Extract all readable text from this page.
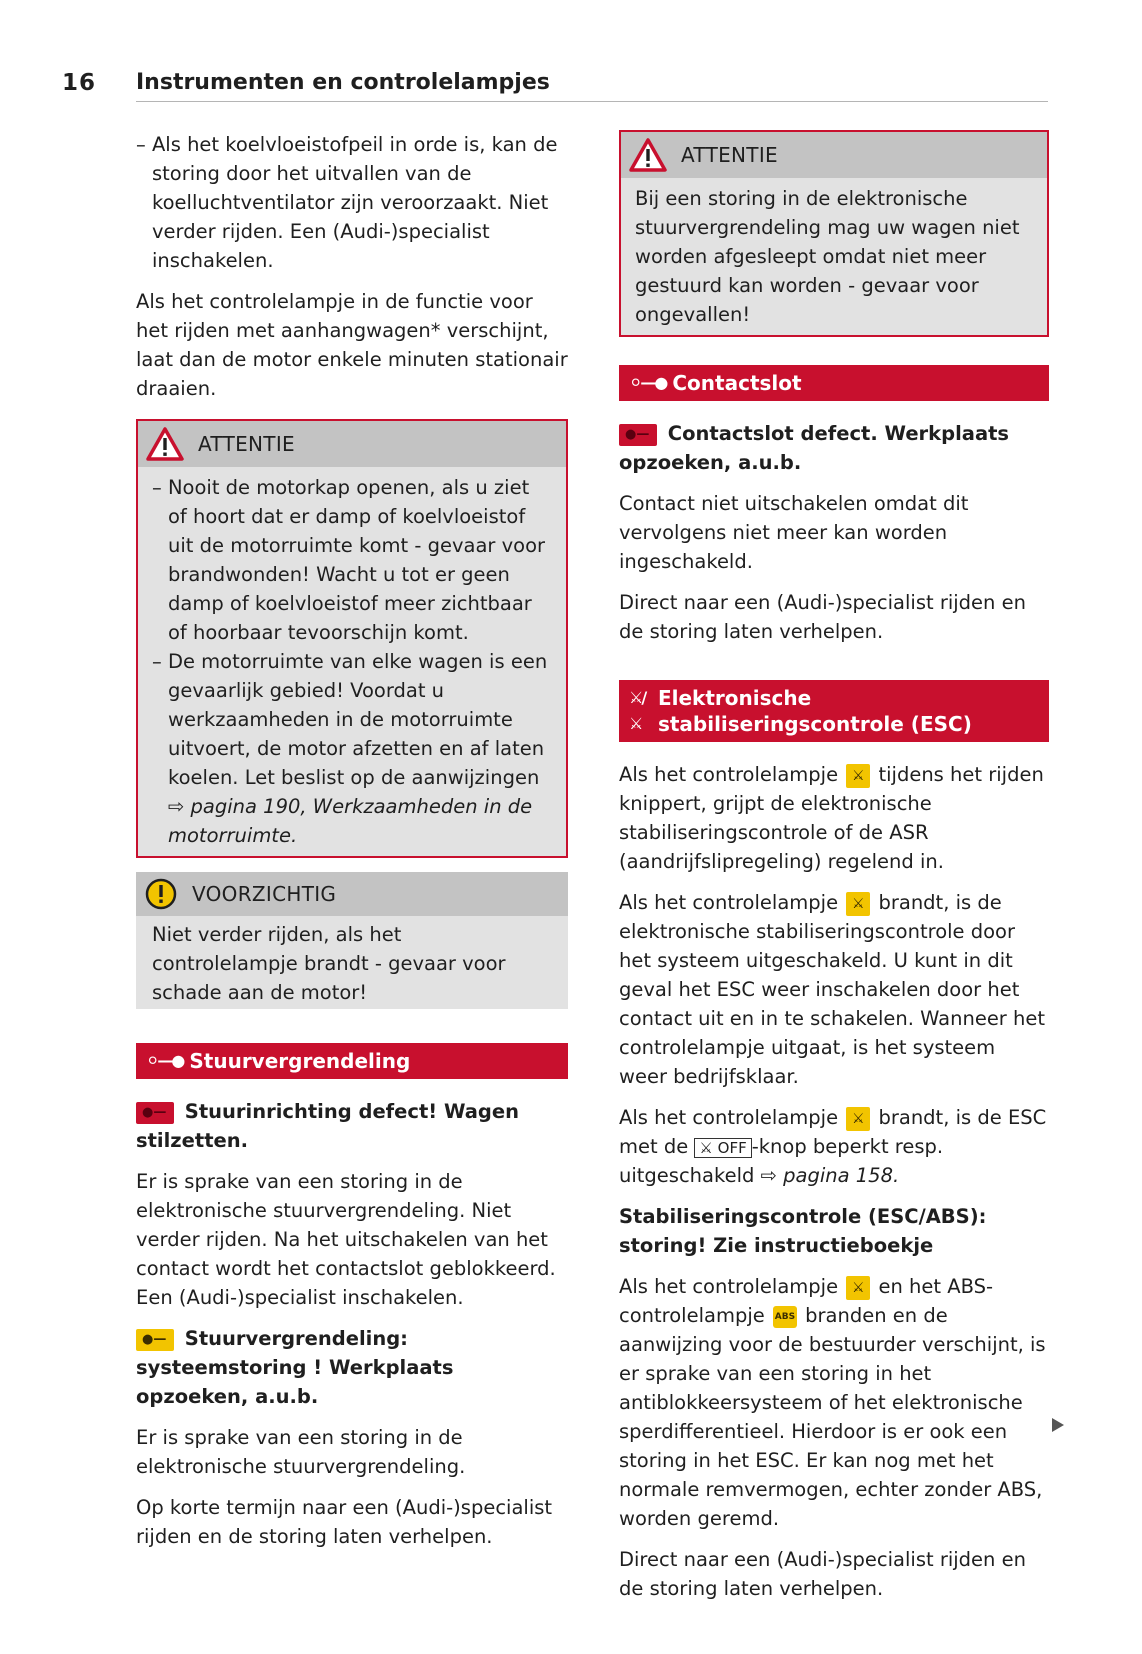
16 Instrumenten en controlelampjes

– Als het koelvloeistofpeil in orde is, kan de storing door het uitvallen van de koelluchtventilator zijn veroorzaakt. Niet verder rijden. Een (Audi-)specialist inschakelen.

Als het controlelampje in de functie voor het rijden met aanhangwagen* verschijnt, laat dan de motor enkele minuten stationair draaien.

ATTENTIE

– Nooit de motorkap openen, als u ziet of hoort dat er damp of koelvloeistof uit de motorruimte komt - gevaar voor brandwonden! Wacht u tot er geen damp of koelvloeistof meer zichtbaar of hoorbaar tevoorschijn komt.

– De motorruimte van elke wagen is een gevaarlijk gebied! Voordat u werkzaamheden in de motorruimte uitvoert, de motor afzetten en af laten koelen. Let beslist op de aanwijzingen ⇨ pagina 190, Werkzaamheden in de motorruimte.

VOORZICHTIG

Niet verder rijden, als het controlelampje brandt - gevaar voor schade aan de motor!

⚪—● Stuurvergrendeling

●— Stuurinrichting defect! Wagen stilzetten.

Er is sprake van een storing in de elektronische stuurvergrendeling. Niet verder rijden. Na het uitschakelen van het contact wordt het contactslot geblokkeerd. Een (Audi-)specialist inschakelen.

●— Stuurvergrendeling: systeemstoring ! Werkplaats opzoeken, a.u.b.

Er is sprake van een storing in de elektronische stuurvergrendeling.

Op korte termijn naar een (Audi-)specialist rijden en de storing laten verhelpen.

ATTENTIE

Bij een storing in de elektronische stuurvergrendeling mag uw wagen niet worden afgesleept omdat niet meer gestuurd kan worden - gevaar voor ongevallen!

⚪—● Contactslot

●— Contactslot defect. Werkplaats opzoeken, a.u.b.

Contact niet uitschakelen omdat dit vervolgens niet meer kan worden ingeschakeld.

Direct naar een (Audi-)specialist rijden en de storing laten verhelpen.

⚔/⚔
Elektronische stabiliseringscontrole (ESC)

Als het controlelampje ⚔ tijdens het rijden knippert, grijpt de elektronische stabiliseringscontrole of de ASR (aandrijfslipregeling) regelend in.

Als het controlelampje ⚔ brandt, is de elektronische stabiliseringscontrole door het systeem uitgeschakeld. U kunt in dit geval het ESC weer inschakelen door het contact uit en in te schakelen. Wanneer het controlelampje uitgaat, is het systeem weer bedrijfsklaar.

Als het controlelampje ⚔ brandt, is de ESC met de ⚔ OFF -knop beperkt resp. uitgeschakeld ⇨ pagina 158.

Stabiliseringscontrole (ESC/ABS): storing! Zie instructieboekje

Als het controlelampje ⚔ en het ABS-controlelampje ABS branden en de aanwijzing voor de bestuurder verschijnt, is er sprake van een storing in het antiblokkeersysteem of het elektronische sperdifferentieel. Hierdoor is er ook een storing in het ESC. Er kan nog met het normale remvermogen, echter zonder ABS, worden geremd.

Direct naar een (Audi-)specialist rijden en de storing laten verhelpen.
